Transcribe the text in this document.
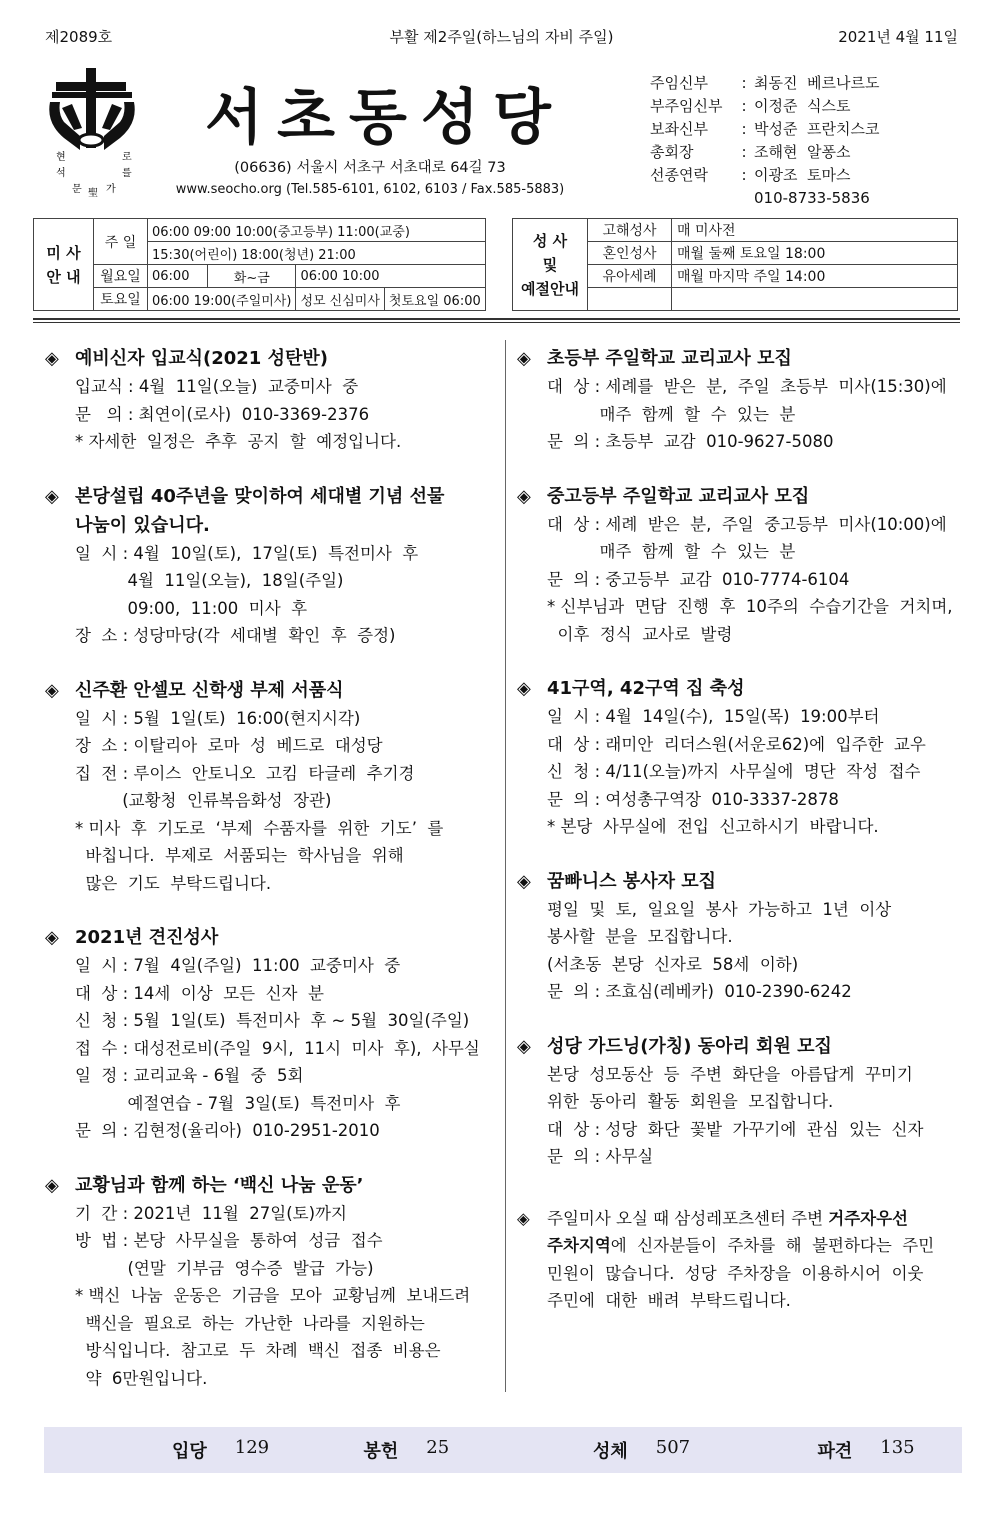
제2089호	부활 제2주일(하느님의 자비 주일)	2021년 4월 11일
현	로
석	를
문 聖 가
서초동성당
(06636) 서울시 서초구 서초대로 64길 73
www.seocho.org (Tel.585-6101, 6102, 6103 / Fax.585-5883)
주임신부	: 최동진  베르나르도
부주임신부	: 이정준  식스토
보좌신부	: 박성준  프란치스코
총회장	: 조해현  알퐁소
선종연락	: 이광조  토마스
010-8733-5836
미 사
안 내	주 일	06:00 09:00 10:00(중고등부) 11:00(교중)			
		15:30(어린이) 18:00(청년) 21:00			
	월요일	06:00	화~금	06:00 10:00	
	토요일	06:00 19:00(주일미사)		성모 신심미사	첫토요일 06:00
성 사
및
예절안내	고해성사	매 미사전
	혼인성사	매월 둘째 토요일 18:00
	유아세례	매월 마지막 주일 14:00

◈ 예비신자 입교식(2021 성탄반)
입교식 : 4월  11일(오늘)  교중미사  중
문   의 : 최연이(로사)  010-3369-2376
* 자세한  일정은  추후  공지  할  예정입니다.
◈ 본당설립 40주년을 맞이하여 세대별 기념 선물
나눔이 있습니다.
일  시 : 4월  10일(토),  17일(토)  특전미사  후
4월  11일(오늘),  18일(주일)
09:00,  11:00  미사  후
장  소 : 성당마당(각  세대별  확인  후  증정)
◈ 신주환 안셀모 신학생 부제 서품식
일  시 : 5월  1일(토)  16:00(현지시각)
장  소 : 이탈리아  로마  성  베드로  대성당
집  전 : 루이스  안토니오  고킴  타글레  추기경
(교황청  인류복음화성  장관)
* 미사  후  기도로  ‘부제  수품자를  위한  기도’  를
바칩니다.  부제로  서품되는  학사님을  위해
많은  기도  부탁드립니다.
◈ 2021년 견진성사
일  시 : 7월  4일(주일)  11:00  교중미사  중
대  상 : 14세  이상  모든  신자  분
신  청 : 5월  1일(토)  특전미사  후 ~ 5월  30일(주일)
접  수 : 대성전로비(주일  9시,  11시  미사  후),  사무실
일  정 : 교리교육 - 6월  중  5회
예절연습 - 7월  3일(토)  특전미사  후
문  의 : 김현정(율리아)  010-2951-2010
◈ 교황님과 함께 하는 ‘백신 나눔 운동’
기  간 : 2021년  11월  27일(토)까지
방  법 : 본당  사무실을  통하여  성금  접수
(연말  기부금  영수증  발급  가능)
* 백신  나눔  운동은  기금을  모아  교황님께  보내드려
백신을  필요로  하는  가난한  나라를  지원하는
방식입니다.  참고로  두  차례  백신  접종  비용은
약  6만원입니다.
◈ 초등부 주일학교 교리교사 모집
대  상 : 세례를  받은  분,  주일  초등부  미사(15:30)에
매주  함께  할  수  있는  분
문  의 : 초등부  교감  010-9627-5080
◈ 중고등부 주일학교 교리교사 모집
대  상 : 세례  받은  분,  주일  중고등부  미사(10:00)에
매주  함께  할  수  있는  분
문  의 : 중고등부  교감  010-7774-6104
* 신부님과  면담  진행  후  10주의  수습기간을  거치며,
이후  정식  교사로  발령
◈ 41구역, 42구역 집 축성
일  시 : 4월  14일(수),  15일(목)  19:00부터
대  상 : 래미안  리더스원(서운로62)에  입주한  교우
신  청 : 4/11(오늘)까지  사무실에  명단  작성  접수
문  의 : 여성총구역장  010-3337-2878
* 본당  사무실에  전입  신고하시기  바랍니다.
◈ 꿈빠니스 봉사자 모집
평일  및  토,  일요일  봉사  가능하고  1년  이상
봉사할  분을  모집합니다.
(서초동  본당  신자로  58세  이하)
문  의 : 조효심(레베카)  010-2390-6242
◈ 성당 가드닝(가칭) 동아리 회원 모집
본당  성모동산  등  주변  화단을  아름답게  꾸미기
위한  동아리  활동  회원을  모집합니다.
대  상 : 성당  화단  꽃밭  가꾸기에  관심  있는  신자
문  의 : 사무실
◈	주일미사 오실 때 삼성레포츠센터 주변 거주자우선
주차지역에  신자분들이  주차를  해  불편하다는  주민
민원이  많습니다.  성당  주차장을  이용하시어  이웃
주민에  대한  배려  부탁드립니다.
입당 129	봉헌 25	성체 507	파견 135
